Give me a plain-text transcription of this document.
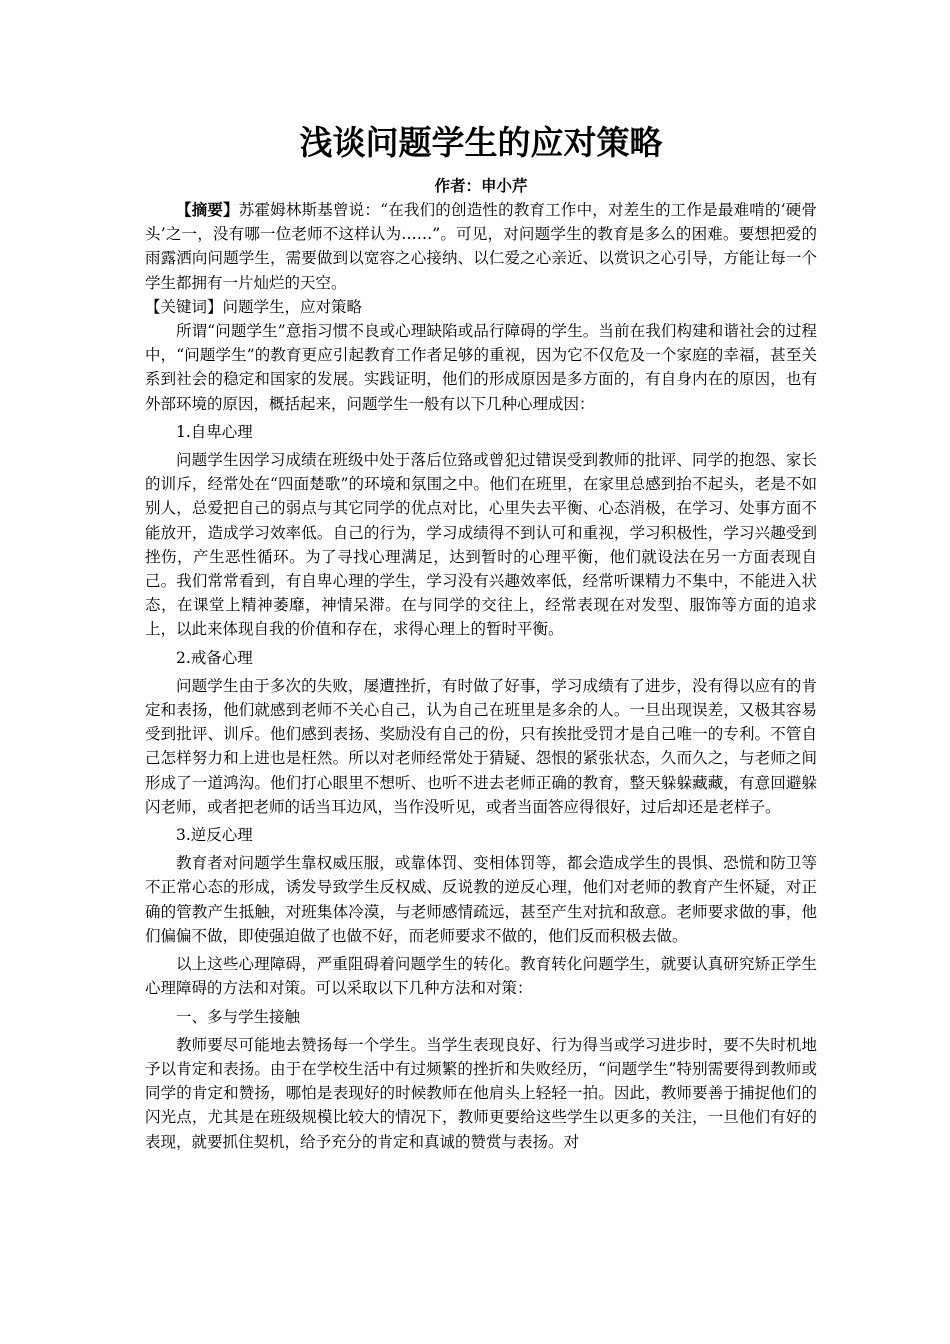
浅谈问题学生的应对策略

作者：申小芹

【摘要】苏霍姆林斯基曾说：“在我们的创造性的教育工作中，对差生的工作是最难啃的‘硬骨头’之一，没有哪一位老师不这样认为……”。可见，对问题学生的教育是多么的困难。要想把爱的雨露洒向问题学生，需要做到以宽容之心接纳、以仁爱之心亲近、以赏识之心引导，方能让每一个学生都拥有一片灿烂的天空。

【关键词】问题学生，应对策略

所谓“问题学生”意指习惯不良或心理缺陷或品行障碍的学生。当前在我们构建和谐社会的过程中，“问题学生”的教育更应引起教育工作者足够的重视，因为它不仅危及一个家庭的幸福，甚至关系到社会的稳定和国家的发展。实践证明，他们的形成原因是多方面的，有自身内在的原因，也有外部环境的原因，概括起来，问题学生一般有以下几种心理成因：

1.自卑心理

问题学生因学习成绩在班级中处于落后位臵或曾犯过错误受到教师的批评、同学的抱怨、家长的训斥，经常处在“四面楚歌”的环境和氛围之中。他们在班里，在家里总感到抬不起头，老是不如别人，总爱把自己的弱点与其它同学的优点对比，心里失去平衡、心态消极，在学习、处事方面不能放开，造成学习效率低。自己的行为，学习成绩得不到认可和重视，学习积极性，学习兴趣受到挫伤，产生恶性循环。为了寻找心理满足，达到暂时的心理平衡，他们就设法在另一方面表现自己。我们常常看到，有自卑心理的学生，学习没有兴趣效率低，经常听课精力不集中，不能进入状态，在课堂上精神萎靡，神情呆滞。在与同学的交往上，经常表现在对发型、服饰等方面的追求上，以此来体现自我的价值和存在，求得心理上的暂时平衡。

2.戒备心理

问题学生由于多次的失败，屡遭挫折，有时做了好事，学习成绩有了进步，没有得以应有的肯定和表扬，他们就感到老师不关心自己，认为自己在班里是多余的人。一旦出现误差，又极其容易受到批评、训斥。他们感到表扬、奖励没有自己的份，只有挨批受罚才是自己唯一的专利。不管自己怎样努力和上进也是枉然。所以对老师经常处于猜疑、怨恨的紧张状态，久而久之，与老师之间形成了一道鸿沟。他们打心眼里不想听、也听不进去老师正确的教育，整天躲躲藏藏，有意回避躲闪老师，或者把老师的话当耳边风，当作没听见，或者当面答应得很好，过后却还是老样子。

3.逆反心理

教育者对问题学生靠权威压服，或靠体罚、变相体罚等，都会造成学生的畏惧、恐慌和防卫等不正常心态的形成，诱发导致学生反权威、反说教的逆反心理，他们对老师的教育产生怀疑，对正确的管教产生抵触，对班集体冷漠，与老师感情疏远，甚至产生对抗和敌意。老师要求做的事，他们偏偏不做，即使强迫做了也做不好，而老师要求不做的，他们反而积极去做。

以上这些心理障碍，严重阻碍着问题学生的转化。教育转化问题学生，就要认真研究矫正学生心理障碍的方法和对策。可以采取以下几种方法和对策：

一、多与学生接触

教师要尽可能地去赞扬每一个学生。当学生表现良好、行为得当或学习进步时，要不失时机地予以肯定和表扬。由于在学校生活中有过频繁的挫折和失败经历，“问题学生”特别需要得到教师或同学的肯定和赞扬，哪怕是表现好的时候教师在他肩头上轻轻一拍。因此，教师要善于捕捉他们的闪光点，尤其是在班级规模比较大的情况下，教师更要给这些学生以更多的关注，一旦他们有好的表现，就要抓住契机，给予充分的肯定和真诚的赞赏与表扬。对
